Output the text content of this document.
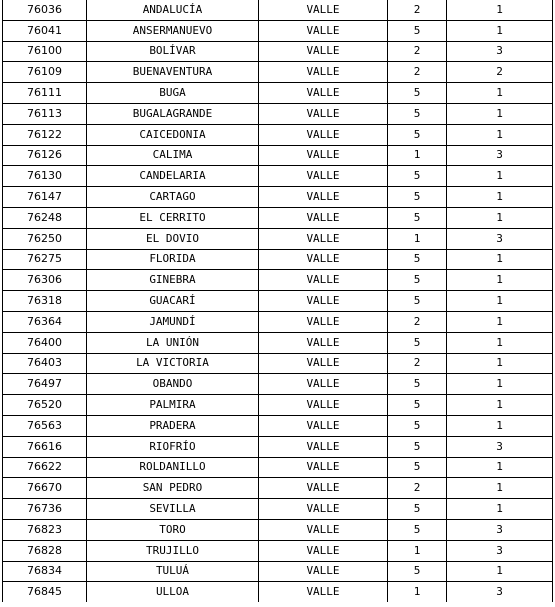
76036	ANDALUCÍA	VALLE	2	1
76041	ANSERMANUEVO	VALLE	5	1
76100	BOLÍVAR	VALLE	2	3
76109	BUENAVENTURA	VALLE	2	2
76111	BUGA	VALLE	5	1
76113	BUGALAGRANDE	VALLE	5	1
76122	CAICEDONIA	VALLE	5	1
76126	CALIMA	VALLE	1	3
76130	CANDELARIA	VALLE	5	1
76147	CARTAGO	VALLE	5	1
76248	EL CERRITO	VALLE	5	1
76250	EL DOVIO	VALLE	1	3
76275	FLORIDA	VALLE	5	1
76306	GINEBRA	VALLE	5	1
76318	GUACARÍ	VALLE	5	1
76364	JAMUNDÍ	VALLE	2	1
76400	LA UNIÓN	VALLE	5	1
76403	LA VICTORIA	VALLE	2	1
76497	OBANDO	VALLE	5	1
76520	PALMIRA	VALLE	5	1
76563	PRADERA	VALLE	5	1
76616	RIOFRÍO	VALLE	5	3
76622	ROLDANILLO	VALLE	5	1
76670	SAN PEDRO	VALLE	2	1
76736	SEVILLA	VALLE	5	1
76823	TORO	VALLE	5	3
76828	TRUJILLO	VALLE	1	3
76834	TULUÁ	VALLE	5	1
76845	ULLOA	VALLE	1	3
